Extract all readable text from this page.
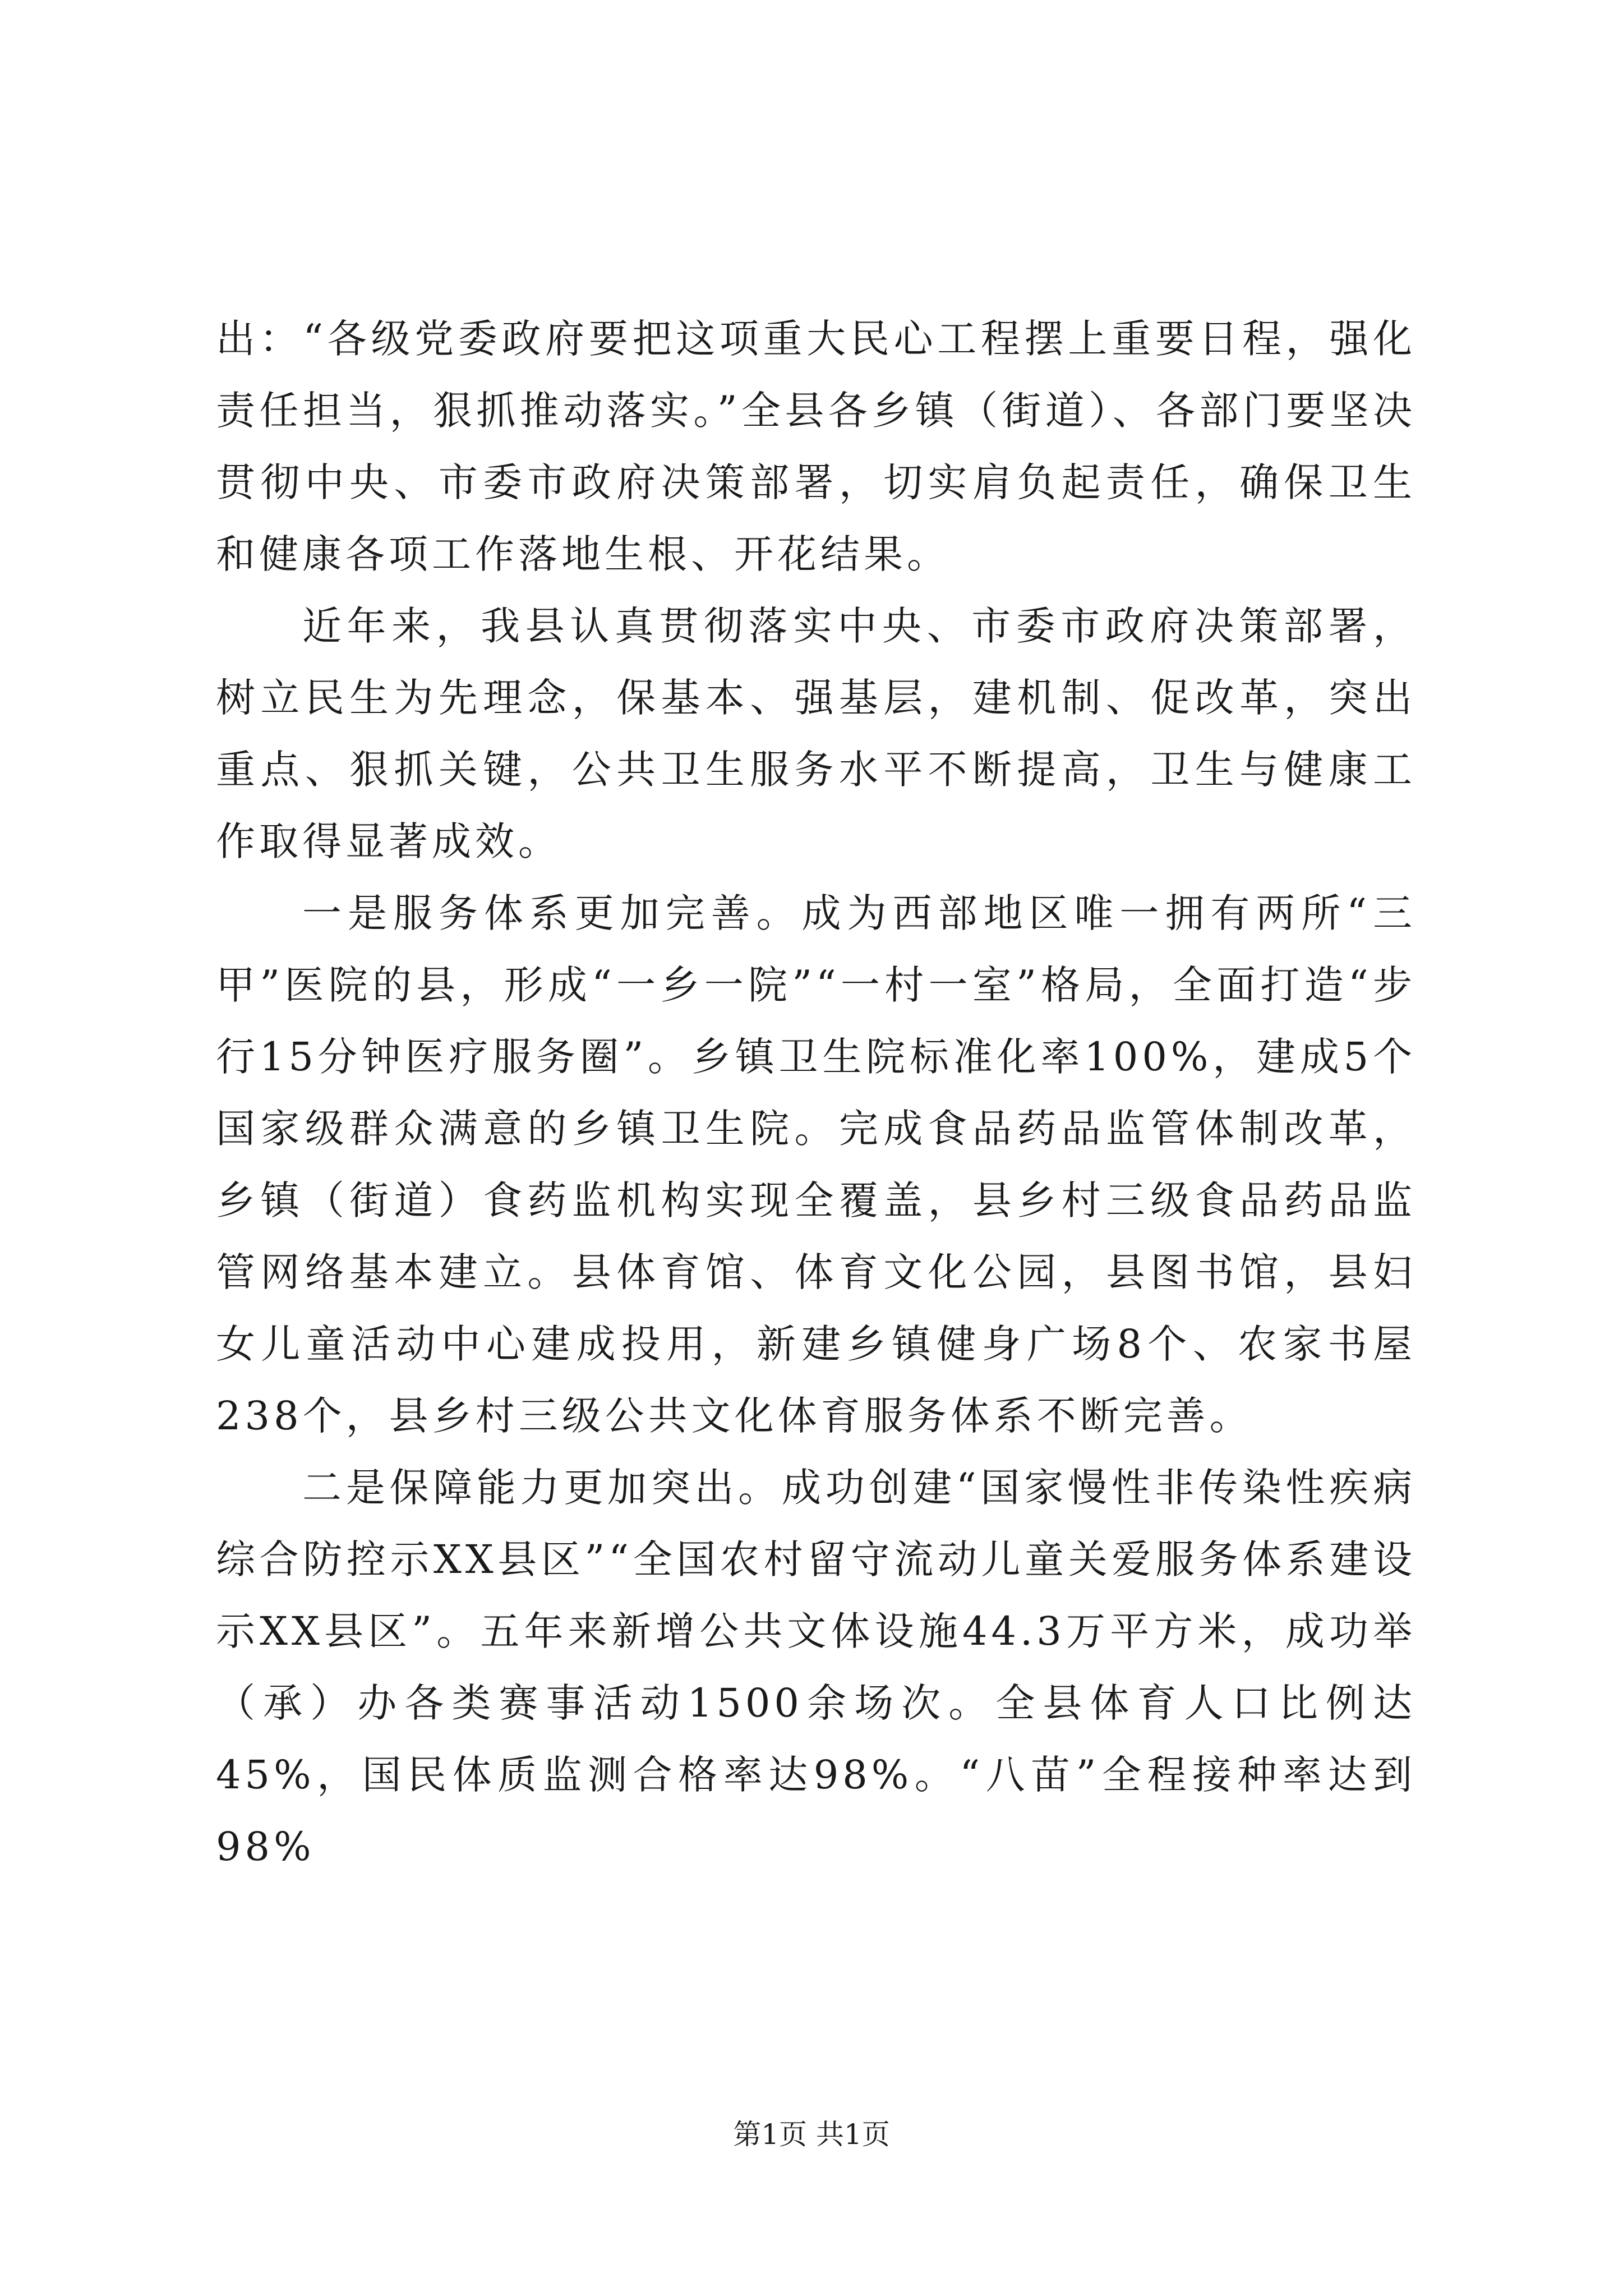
出：“各级党委政府要把这项重大民心工程摆上重要日程，强化责任担当，狠抓推动落实。”全县各乡镇（街道）、各部门要坚决贯彻中央、市委市政府决策部署，切实肩负起责任，确保卫生和健康各项工作落地生根、开花结果。

近年来，我县认真贯彻落实中央、市委市政府决策部署，树立民生为先理念，保基本、强基层，建机制、促改革，突出重点、狠抓关键，公共卫生服务水平不断提高，卫生与健康工作取得显著成效。

一是服务体系更加完善。成为西部地区唯一拥有两所“三甲”医院的县，形成“一乡一院”“一村一室”格局，全面打造“步行15分钟医疗服务圈”。乡镇卫生院标准化率100%，建成5个国家级群众满意的乡镇卫生院。完成食品药品监管体制改革，乡镇（街道）食药监机构实现全覆盖，县乡村三级食品药品监管网络基本建立。县体育馆、体育文化公园，县图书馆，县妇女儿童活动中心建成投用，新建乡镇健身广场8个、农家书屋238个，县乡村三级公共文化体育服务体系不断完善。

二是保障能力更加突出。成功创建“国家慢性非传染性疾病综合防控示XX县区”“全国农村留守流动儿童关爱服务体系建设示XX县区”。五年来新增公共文体设施44.3万平方米，成功举（承）办各类赛事活动1500余场次。全县体育人口比例达45%，国民体质监测合格率达98%。“八苗”全程接种率达到98%

第1页 共1页
